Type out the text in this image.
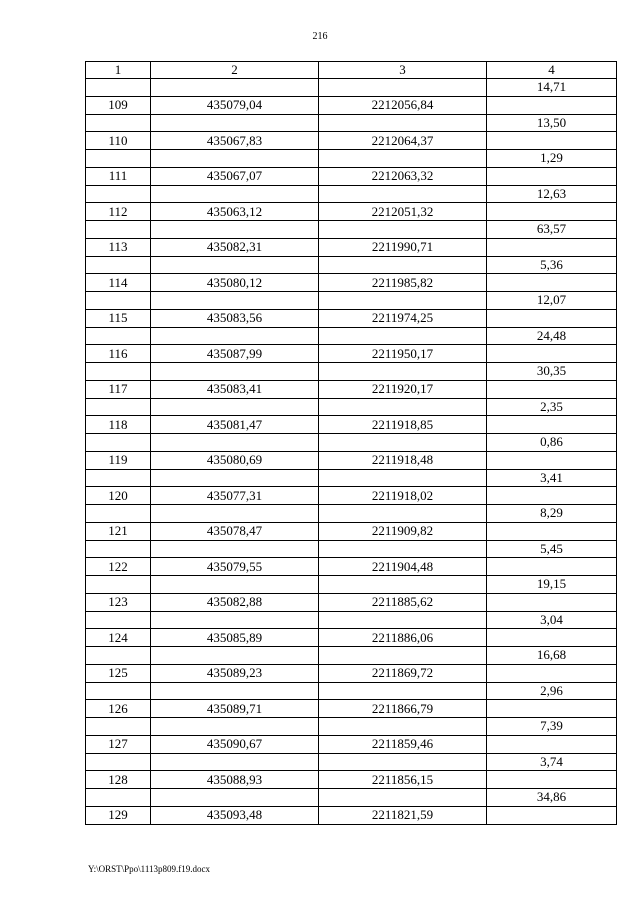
216
1	2	3	4
			14,71
109	435079,04	2212056,84	
			13,50
110	435067,83	2212064,37	
			1,29
111	435067,07	2212063,32	
			12,63
112	435063,12	2212051,32	
			63,57
113	435082,31	2211990,71	
			5,36
114	435080,12	2211985,82	
			12,07
115	435083,56	2211974,25	
			24,48
116	435087,99	2211950,17	
			30,35
117	435083,41	2211920,17	
			2,35
118	435081,47	2211918,85	
			0,86
119	435080,69	2211918,48	
			3,41
120	435077,31	2211918,02	
			8,29
121	435078,47	2211909,82	
			5,45
122	435079,55	2211904,48	
			19,15
123	435082,88	2211885,62	
			3,04
124	435085,89	2211886,06	
			16,68
125	435089,23	2211869,72	
			2,96
126	435089,71	2211866,79	
			7,39
127	435090,67	2211859,46	
			3,74
128	435088,93	2211856,15	
			34,86
129	435093,48	2211821,59	
Y:\ORST\Ppo\1113p809.f19.docx
